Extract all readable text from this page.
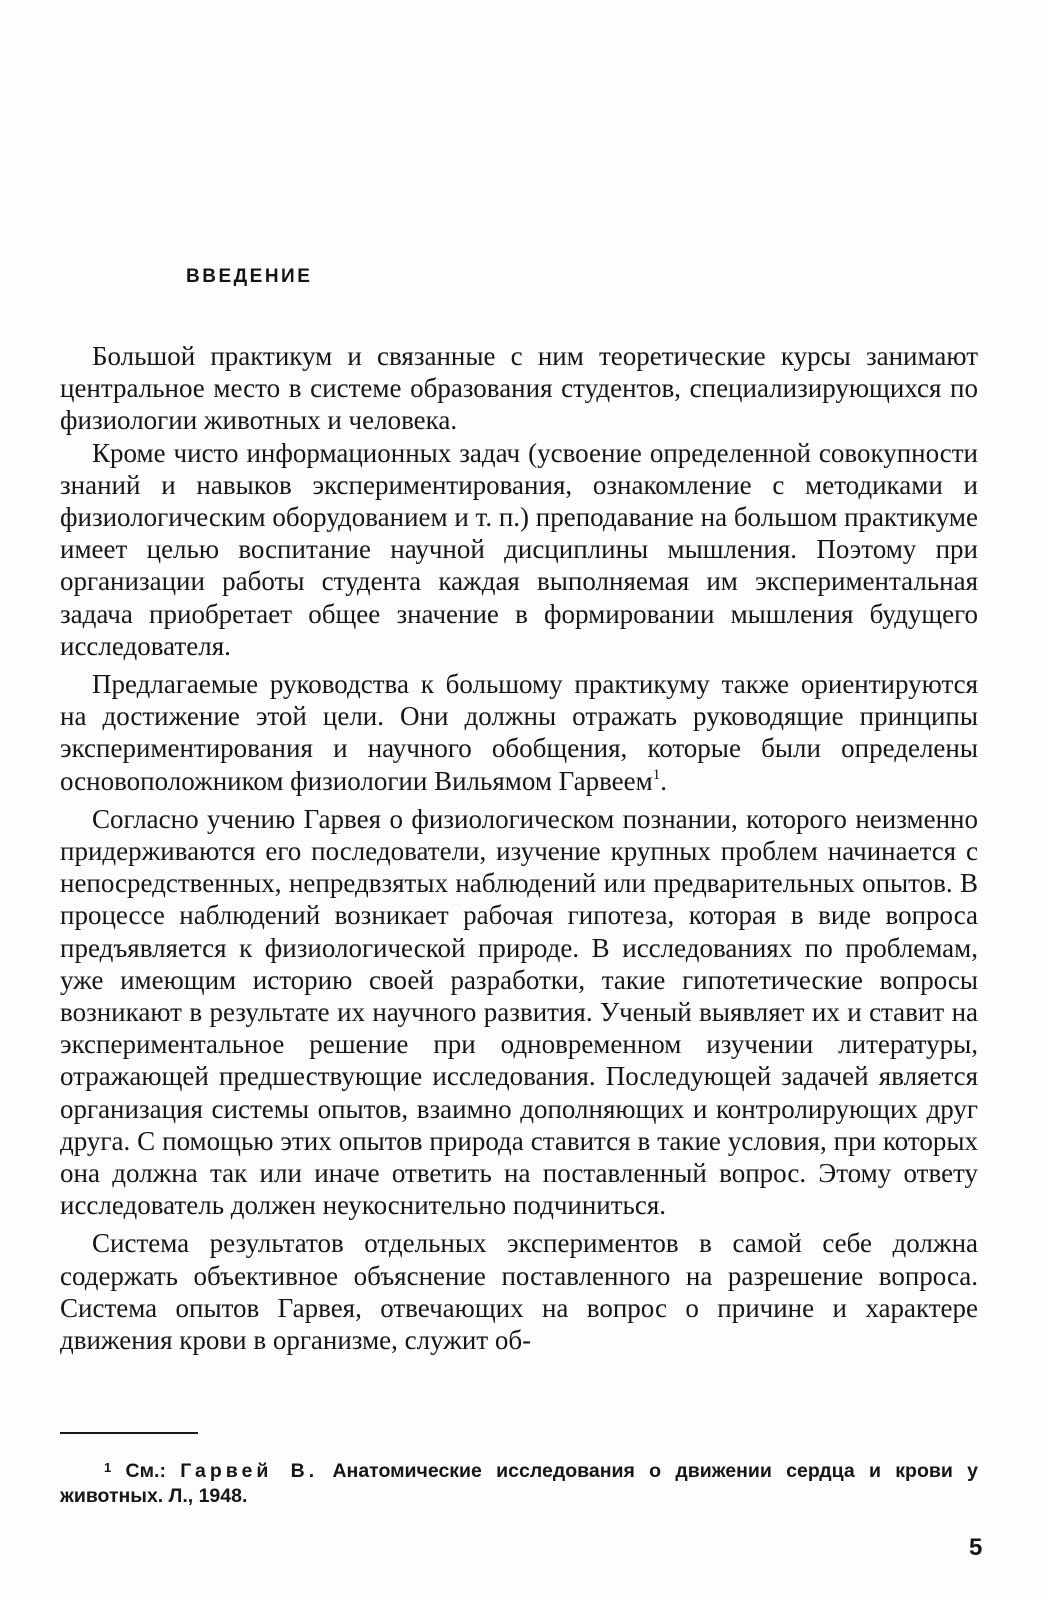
ВВЕДЕНИЕ

Большой практикум и связанные с ним теоретические курсы занимают центральное место в системе образования студентов, специализирующихся по физиологии животных и человека.

Кроме чисто информационных задач (усвоение определенной совокупности знаний и навыков экспериментирования, ознакомление с методиками и физиологическим оборудованием и т. п.) преподавание на большом практикуме имеет целью воспитание научной дисциплины мышления. Поэтому при организации работы студента каждая выполняемая им экспериментальная задача приобретает общее значение в формировании мышления будущего исследователя.

Предлагаемые руководства к большому практикуму также ориентируются на достижение этой цели. Они должны отражать руководящие принципы экспериментирования и научного обобщения, которые были определены основоположником физиологии Вильямом Гарвеем$^1$.

Согласно учению Гарвея о физиологическом познании, которого неизменно придерживаются его последователи, изучение крупных проблем начинается с непосредственных, непредвзятых наблюдений или предварительных опытов. В процессе наблюдений возникает рабочая гипотеза, которая в виде вопроса предъявляется к физиологической природе. В исследованиях по проблемам, уже имеющим историю своей разработки, такие гипотетические вопросы возникают в результате их научного развития. Ученый выявляет их и ставит на экспериментальное решение при одновременном изучении литературы, отражающей предшествующие исследования. Последующей задачей является организация системы опытов, взаимно дополняющих и контролирующих друг друга. С помощью этих опытов природа ставится в такие условия, при которых она должна так или иначе ответить на поставленный вопрос. Этому ответу исследователь должен неукоснительно подчиниться.

Система результатов отдельных экспериментов в самой себе должна содержать объективное объяснение поставленного на разрешение вопроса. Система опытов Гарвея, отвечающих на вопрос о причине и характере движения крови в организме, служит об-

$^1$ См.: Гарвей В. Анатомические исследования о движении сердца и крови у животных. Л., 1948.

5
